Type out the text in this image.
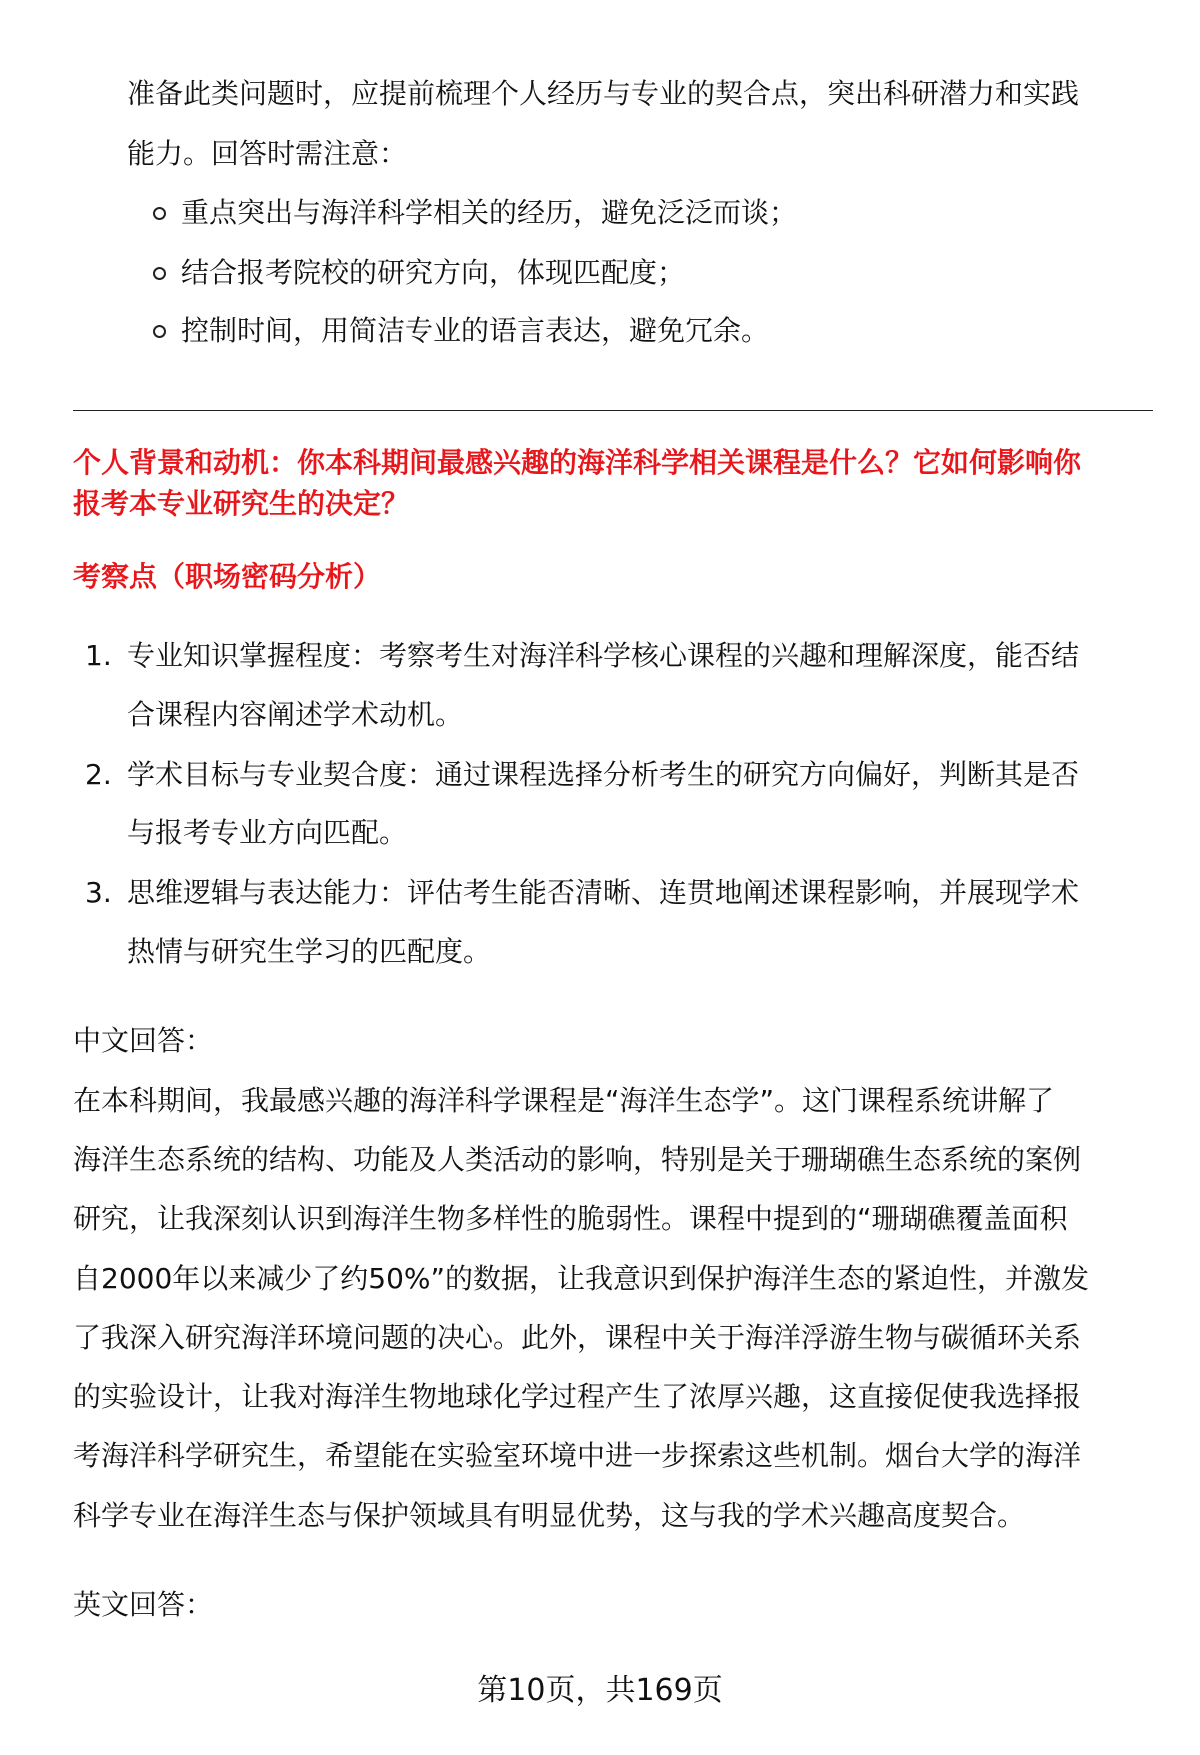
准备此类问题时，应提前梳理个人经历与专业的契合点，突出科研潜力和实践
能力。回答时需注意：
重点突出与海洋科学相关的经历，避免泛泛而谈；
结合报考院校的研究方向，体现匹配度；
控制时间，用简洁专业的语言表达，避免冗余。
个人背景和动机：你本科期间最感兴趣的海洋科学相关课程是什么？它如何影响你
报考本专业研究生的决定？
考察点（职场密码分析）
1. 专业知识掌握程度：考察考生对海洋科学核心课程的兴趣和理解深度，能否结
合课程内容阐述学术动机。
2. 学术目标与专业契合度：通过课程选择分析考生的研究方向偏好，判断其是否
与报考专业方向匹配。
3. 思维逻辑与表达能力：评估考生能否清晰、连贯地阐述课程影响，并展现学术
热情与研究生学习的匹配度。
中文回答：
在本科期间，我最感兴趣的海洋科学课程是“海洋生态学”。这门课程系统讲解了
海洋生态系统的结构、功能及人类活动的影响，特别是关于珊瑚礁生态系统的案例
研究，让我深刻认识到海洋生物多样性的脆弱性。课程中提到的“珊瑚礁覆盖面积
自2000年以来减少了约50%”的数据，让我意识到保护海洋生态的紧迫性，并激发
了我深入研究海洋环境问题的决心。此外，课程中关于海洋浮游生物与碳循环关系
的实验设计，让我对海洋生物地球化学过程产生了浓厚兴趣，这直接促使我选择报
考海洋科学研究生，希望能在实验室环境中进一步探索这些机制。烟台大学的海洋
科学专业在海洋生态与保护领域具有明显优势，这与我的学术兴趣高度契合。
英文回答：
第10页，共169页
